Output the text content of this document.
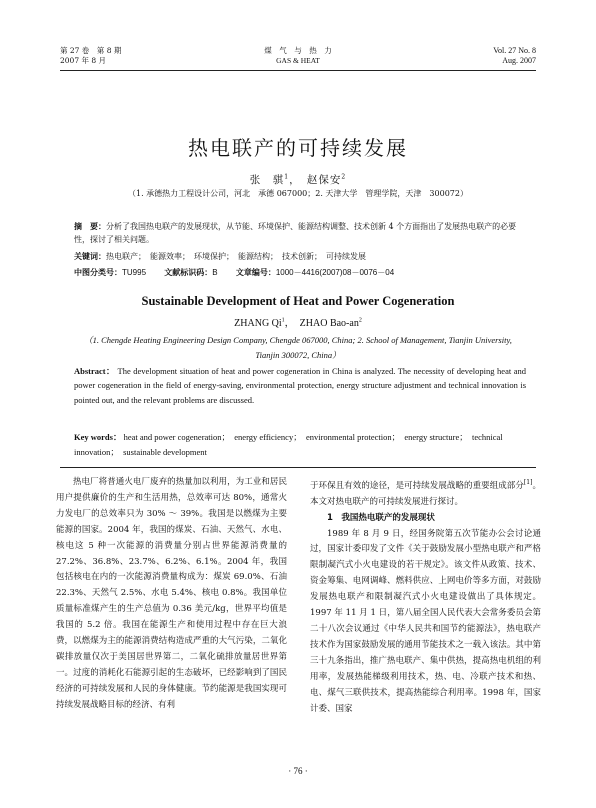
第 27 卷　第 8 期
2007 年 8 月
煤　气　与　热　力
GAS & HEAT
Vol. 27 No. 8
Aug. 2007
热电联产的可持续发展
张　骐$^1$，　赵保安$^2$
（1. 承德热力工程设计公司，河北　承德 067000；2. 天津大学　管理学院，天津　300072）
摘　要：分析了我国热电联产的发展现状，从节能、环境保护、能源结构调整、技术创新 4 个方面指出了发展热电联产的必要性，探讨了相关问题。
关键词：热电联产；　能源效率；　环境保护；　能源结构；　技术创新；　可持续发展
中图分类号：TU995　　 文献标识码：B　　 文章编号：1000－4416(2007)08－0076－04
Sustainable Development of Heat and Power Cogeneration
ZHANG Qi$^1$，　ZHAO Bao-$an^2$
（1. Chengde Heating Engineering Design Company, Chengde 067000, China; 2. School of Management, Tianjin University, Tianjin 300072, China）
Abstract： The development situation of heat and power cogeneration in China is analyzed. The necessity of developing heat and power cogeneration in the field of energy-saving, environmental protection, energy structure adjustment and technical innovation is pointed out, and the relevant problems are discussed.
Key words： heat and power cogeneration；　energy efficiency；　environmental protection；　energy structure；　technical innovation；　sustainable development

热电厂将普通火电厂废弃的热量加以利用，为工业和居民用户提供廉价的生产和生活用热，总效率可达 80%，通常火力发电厂的总效率只为 30% ～ 39%。我国是以燃煤为主要能源的国家。2004 年，我国的煤炭、石油、天然气、水电、核电这 5 种一次能源的消费量分别占世界能源消费量的 27.2%、36.8%、23.7%、6.2%、6.1%。2004 年，我国包括核电在内的一次能源消费量构成为：煤炭 69.0%、石油 22.3%、天然气 2.5%、水电 5.4%、核电 0.8%。我国单位质量标准煤产生的生产总值为 0.36 美元/kg，世界平均值是我国的 5.2 倍。我国在能源生产和使用过程中存在巨大浪费，以燃煤为主的能源消费结构造成严重的大气污染，二氧化碳排放量仅次于美国居世界第二，二氧化硫排放量居世界第一。过度的消耗化石能源引起的生态破坏，已经影响到了国民经济的可持续发展和人民的身体健康。节约能源是我国实现可持续发展战略目标的经济、有利

于环保且有效的途径，是可持续发展战略的重要组成部分[1]。本文对热电联产的可持续发展进行探讨。

1　我国热电联产的发展现状

1989 年 8 月 9 日，经国务院第五次节能办公会讨论通过，国家计委印发了文件《关于鼓励发展小型热电联产和严格限制凝汽式小火电建设的若干规定》。该文件从政策、技术、资金筹集、电网调峰、燃料供应、上网电价等多方面，对鼓励发展热电联产和限制凝汽式小火电建设做出了具体规定。1997 年 11 月 1 日，第八届全国人民代表大会常务委员会第二十八次会议通过《中华人民共和国节约能源法》，热电联产技术作为国家鼓励发展的通用节能技术之一载入该法。其中第三十九条指出，推广热电联产、集中供热，提高热电机组的利用率，发展热能梯级利用技术，热、电、冷联产技术和热、电、煤气三联供技术，提高热能综合利用率。1998 年，国家计委、国家

· 76 ·
